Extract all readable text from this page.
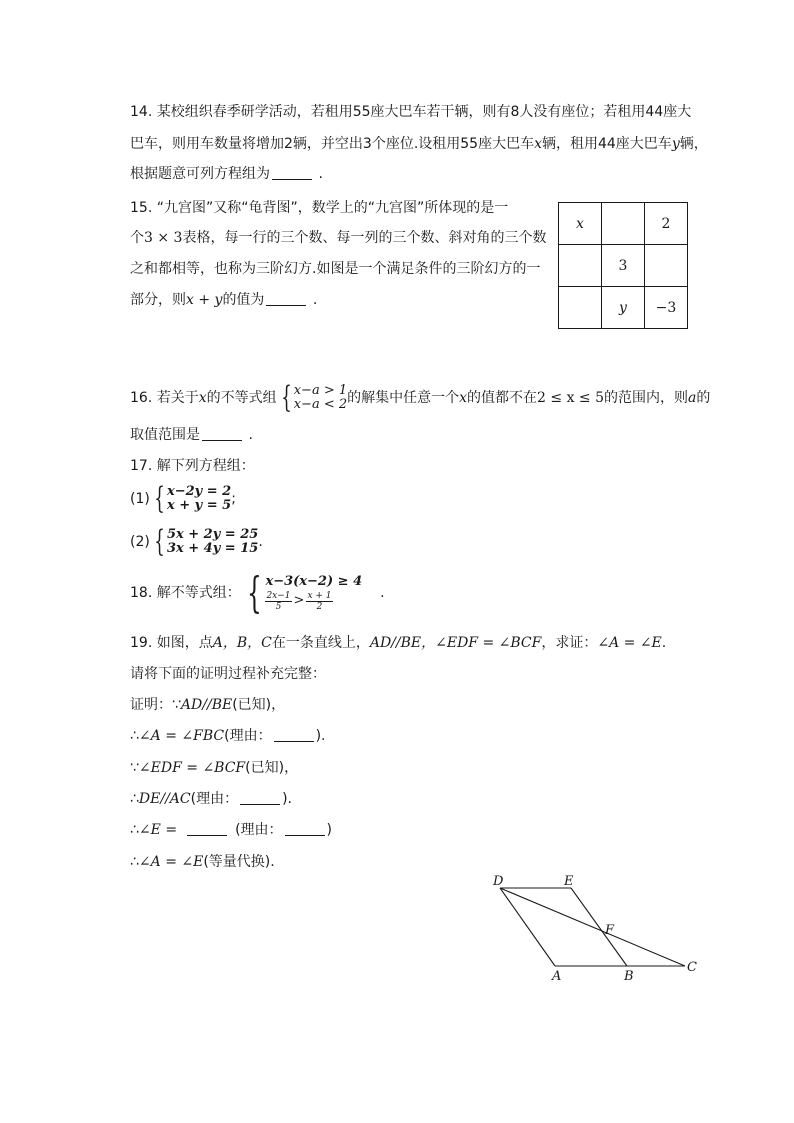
14. 某校组织春季研学活动，若租用55座大巴车若干辆，则有8人没有座位；若租用44座大
巴车，则用车数量将增加2辆，并空出3个座位.设租用55座大巴车x辆，租用44座大巴车y辆，
根据题意可列方程组为	.
15. “九宫图”又称“龟背图”，数学上的“九宫图”所体现的是一
个3 × 3表格，每一行的三个数、每一列的三个数、斜对角的三个数
之和都相等，也称为三阶幻方.如图是一个满足条件的三阶幻方的一
部分，则x + y的值为	.
x		2
	3	
	y	−3
16. 若关于x的不等式组 { x−a > 1
x−a < 2 的解集中任意一个x的值都不在2 ≤ x ≤ 5的范围内，则a的
取值范围是	.
17. 解下列方程组：
(1) { x−2y = 2
x + y = 5 ;
(2) { 5x + 2y = 25
3x + 4y = 15 .
18. 解不等式组： { x−3(x−2) ≥ 4
$\frac{2x-1}{5} > \frac{x + 1}{2}$	.
19. 如图，点A，B，C在一条直线上，AD//BE，∠EDF = ∠BCF，求证：∠A = ∠E.
请将下面的证明过程补充完整：
证明：∵AD//BE(已知)，
∴∠A = ∠FBC(理由：	).
∵∠EDF = ∠BCF(已知)，
∴DE//AC(理由：	).
∴∠E =	(理由：	)
∴∠A = ∠E(等量代换).
D	E
F
A	B
C
